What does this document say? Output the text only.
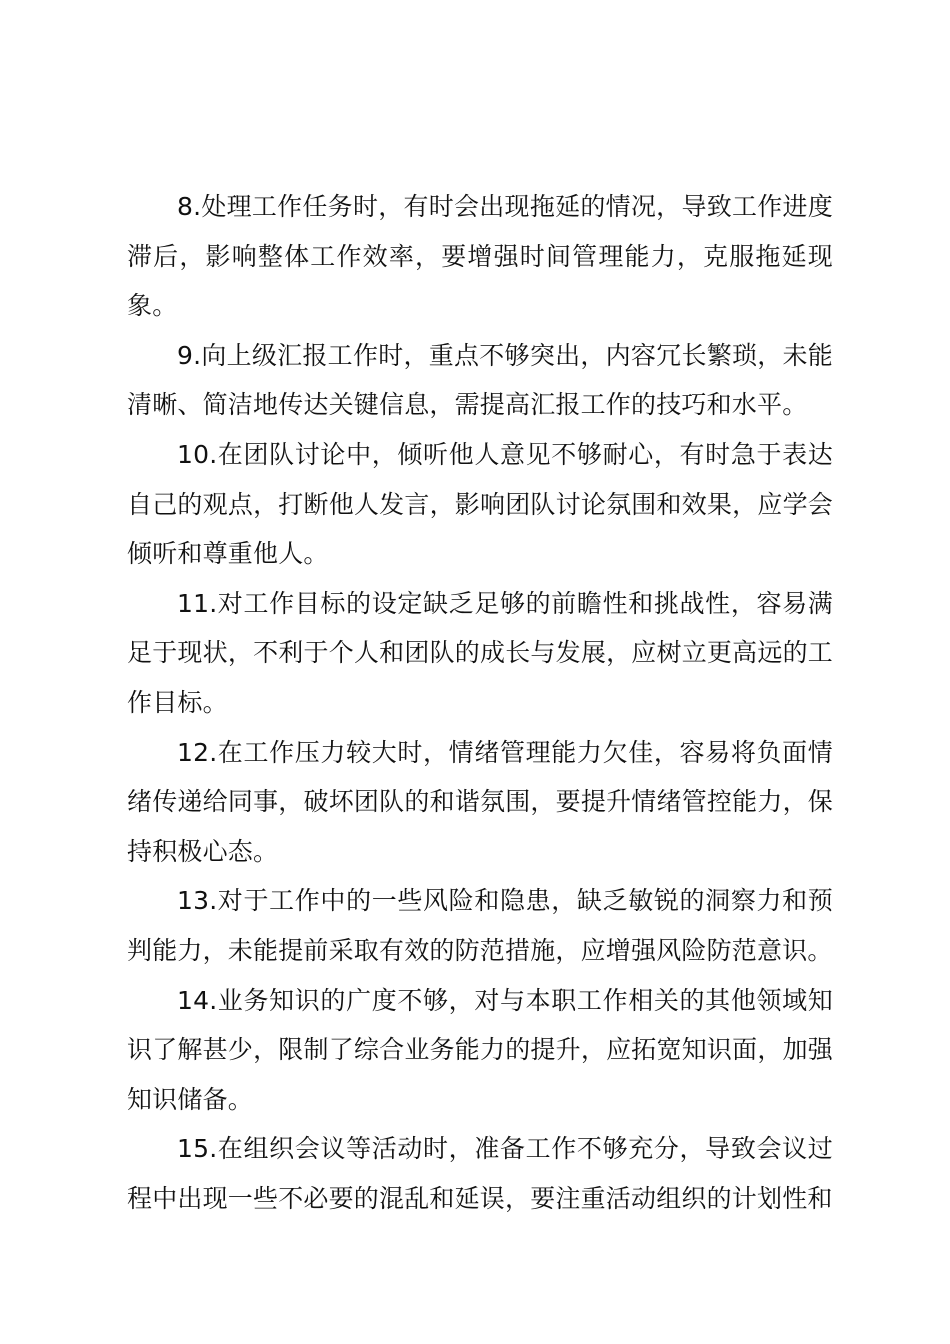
8.处理工作任务时，有时会出现拖延的情况，导致工作进度滞后，影响整体工作效率，要增强时间管理能力，克服拖延现象。

9.向上级汇报工作时，重点不够突出，内容冗长繁琐，未能清晰、简洁地传达关键信息，需提高汇报工作的技巧和水平。

10.在团队讨论中，倾听他人意见不够耐心，有时急于表达自己的观点，打断他人发言，影响团队讨论氛围和效果，应学会倾听和尊重他人。

11.对工作目标的设定缺乏足够的前瞻性和挑战性，容易满足于现状，不利于个人和团队的成长与发展，应树立更高远的工作目标。

12.在工作压力较大时，情绪管理能力欠佳，容易将负面情绪传递给同事，破坏团队的和谐氛围，要提升情绪管控能力，保持积极心态。

13.对于工作中的一些风险和隐患，缺乏敏锐的洞察力和预判能力，未能提前采取有效的防范措施，应增强风险防范意识。

14.业务知识的广度不够，对与本职工作相关的其他领域知识了解甚少，限制了综合业务能力的提升，应拓宽知识面，加强知识储备。

15.在组织会议等活动时，准备工作不够充分，导致会议过程中出现一些不必要的混乱和延误，要注重活动组织的计划性和
